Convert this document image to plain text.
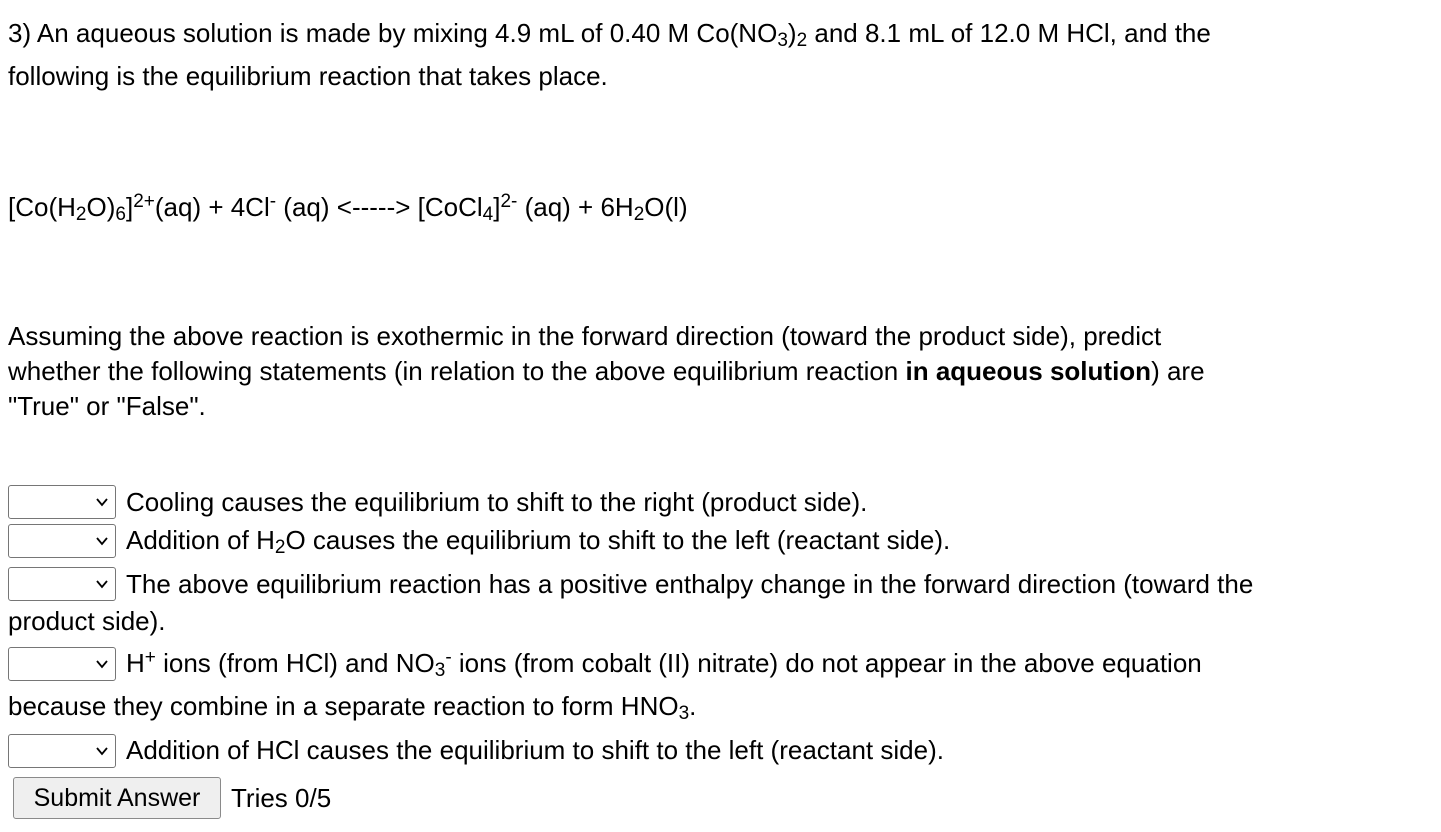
3) An aqueous solution is made by mixing 4.9 mL of 0.40 M $Co(NO_3)_2$ and 8.1 mL of 12.0 M HCl, and the
following is the equilibrium reaction that takes place.
$[Co(H_2O)_6]^{2+}(aq) + 4Cl^-$ (aq) <-----> [CoCl$_4$]$^{2-}$ $(aq) + 6H_2O(l)$
Assuming the above reaction is exothermic in the forward direction (toward the product side), predict
whether the following statements (in relation to the above equilibrium reaction in aqueous solution) are
"True" or "False".
Cooling causes the equilibrium to shift to the right (product side).
Addition of $H_2O$ causes the equilibrium to shift to the left (reactant side).
The above equilibrium reaction has a positive enthalpy change in the forward direction (toward the
product side).
H+ ions (from HCl) and $NO_3^-$ ions (from cobalt (II) nitrate) do not appear in the above equation
because they combine in a separate reaction to form $HNO_3$.
Addition of HCl causes the equilibrium to shift to the left (reactant side).
Submit Answer	Tries 0/5
